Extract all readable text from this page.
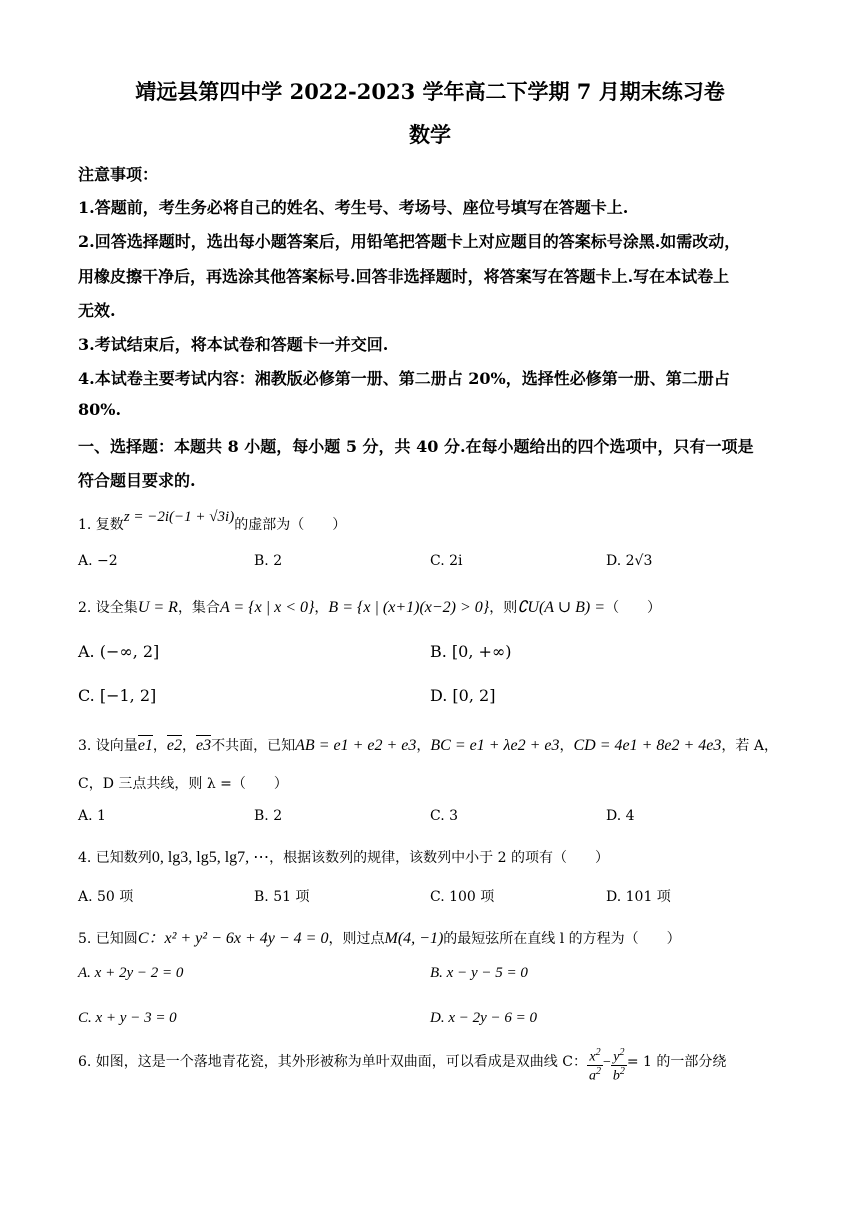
靖远县第四中学 2022-2023 学年高二下学期 7 月期末练习卷
数学
注意事项：
1.答题前，考生务必将自己的姓名、考生号、考场号、座位号填写在答题卡上.
2.回答选择题时，选出每小题答案后，用铅笔把答题卡上对应题目的答案标号涂黑.如需改动，
用橡皮擦干净后，再选涂其他答案标号.回答非选择题时，将答案写在答题卡上.写在本试卷上
无效.
3.考试结束后，将本试卷和答题卡一并交回.
4.本试卷主要考试内容：湘教版必修第一册、第二册占 20%，选择性必修第一册、第二册占
80%.
一、选择题：本题共 8 小题，每小题 5 分，共 40 分.在每小题给出的四个选项中，只有一项是
符合题目要求的.
1. 复数z = −2i(−1 + √3i)的虚部为（　　）
A. −2	B. 2	C. 2i	D. 2√3
2. 设全集U = R，集合A = {x | x < 0}，B = {x | (x+1)(x−2) > 0}，则∁U(A ∪ B) =（　　）
A. (−∞, 2]	B. [0, +∞)
C. [−1, 2]	D. [0, 2]
3. 设向量e1，e2，e3不共面，已知AB = e1 + e2 + e3，BC = e1 + λe2 + e3，CD = 4e1 + 8e2 + 4e3，若 A，
C，D 三点共线，则 λ =（　　）
A. 1	B. 2	C. 3	D. 4
4. 已知数列0, lg3, lg5, lg7, ⋯，根据该数列的规律，该数列中小于 2 的项有（　　）
A. 50 项	B. 51 项	C. 100 项	D. 101 项
5. 已知圆C：x² + y² − 6x + 4y − 4 = 0，则过点M(4, −1)的最短弦所在直线 l 的方程为（　　）
A. x + 2y − 2 = 0	B. x − y − 5 = 0
C. x + y − 3 = 0	D. x − 2y − 6 = 0
6. 如图，这是一个落地青花瓷，其外形被称为单叶双曲面，可以看成是双曲线 C： $\frac{x^2}{a^2} - \frac{y^2}{b^2} = 1$ 的一部分绕
